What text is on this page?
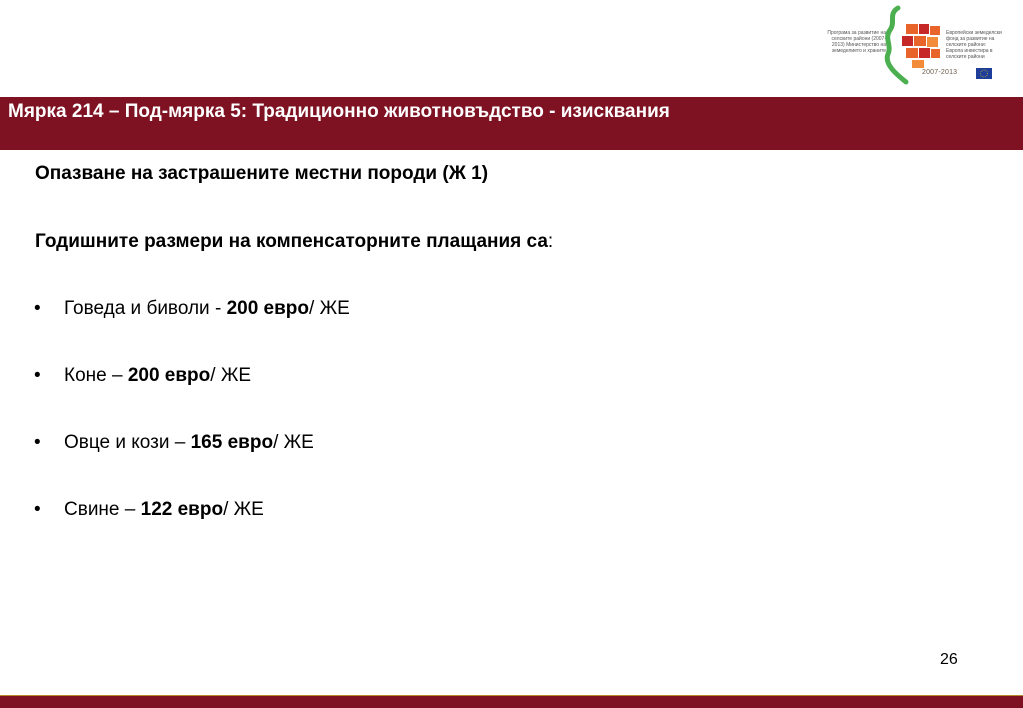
Програма за развитие на селските райони (2007-2013) Министерство на земеделието и храните
Европейски земеделски фонд за развитие на селските райони: Европа инвестира в селските райони
2007-2013
Мярка 214 – Под-мярка 5: Традиционно животновъдство - изисквания
Опазване на застрашените местни породи (Ж 1)
Годишните размери на компенсаторните плащания са:
• Говеда и биволи - 200 евро/ ЖЕ
• Коне – 200 евро/ ЖЕ
• Овце и кози – 165 евро/ ЖЕ
• Свине – 122 евро/ ЖЕ
26
